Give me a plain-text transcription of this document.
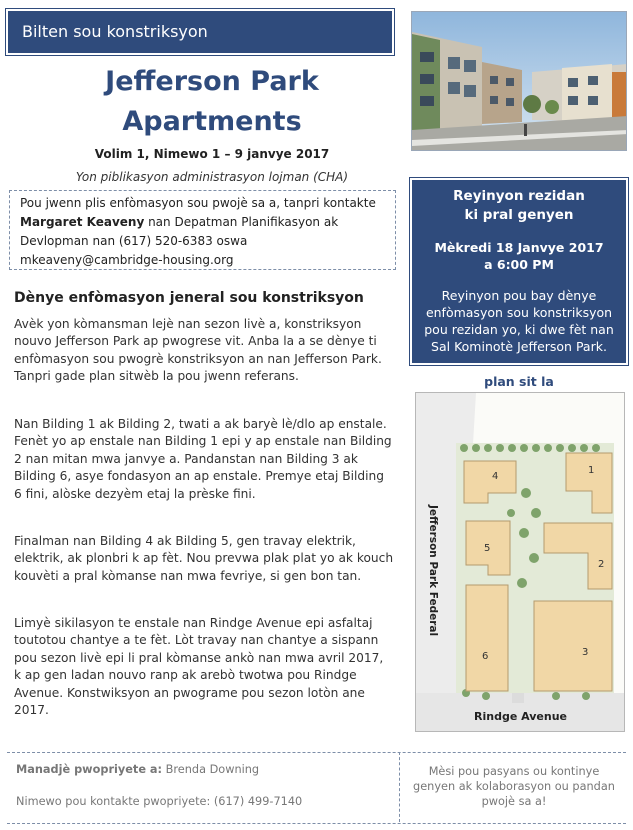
Bilten sou konstriksyon
Jefferson Park
Apartments
Volim 1, Nimewo 1 – 9 janvye 2017
Yon piblikasyon administrasyon lojman (CHA)
Pou jwenn plis enfòmasyon sou pwojè sa a, tanpri kontakte
Margaret Keaveny nan Depatman Planifikasyon ak
Devlopman nan (617) 520-6383 oswa
mkeaveny@cambridge-housing.org
Dènye enfòmasyon jeneral sou konstriksyon

Avèk yon kòmansman lejè nan sezon livè a, konstriksyon nouvo Jefferson Park ap pwogrese vit. Anba la a se dènye ti enfòmasyon sou pwogrè konstriksyon an nan Jefferson Park. Tanpri gade plan sitwèb la pou jwenn referans.

Nan Bilding 1 ak Bilding 2, twati a ak baryè lè/dlo ap enstale. Fenèt yo ap enstale nan Bilding 1 epi y ap enstale nan Bilding 2 nan mitan mwa janvye a. Pandanstan nan Bilding 3 ak Bilding 6, asye fondasyon an ap enstale. Premye etaj Bilding 6 fini, alòske dezyèm etaj la prèske fini.

Finalman nan Bilding 4 ak Bilding 5, gen travay elektrik, elektrik, ak plonbri k ap fèt. Nou prevwa plak plat yo ak kouch kouvèti a pral kòmanse nan mwa fevriye, si gen bon tan.

Limyè sikilasyon te enstale nan Rindge Avenue epi asfaltaj toutotou chantye a te fèt. Lòt travay nan chantye a sispann pou sezon livè epi li pral kòmanse ankò nan mwa avril 2017, k ap gen ladan nouvo ranp ak arebò twotwa pou Rindge Avenue. Konstwiksyon an pwograme pou sezon lotòn ane 2017.

Reyinyon rezidan
ki pral genyen
Mèkredi 18 Janvye 2017
a 6:00 PM
Reyinyon pou bay dènye enfòmasyon sou konstriksyon pou rezidan yo, ki dwe fèt nan Sal Kominotè Jefferson Park.
plan sit la
4
5
6
1
2
3
Jefferson Park Federal
Rindge Avenue
Manadjè pwopriyete a: Brenda Downing
Nimewo pou kontakte pwopriyete: (617) 499-7140
Mèsi pou pasyans ou kontinye genyen ak kolaborasyon ou pandan pwojè sa a!
